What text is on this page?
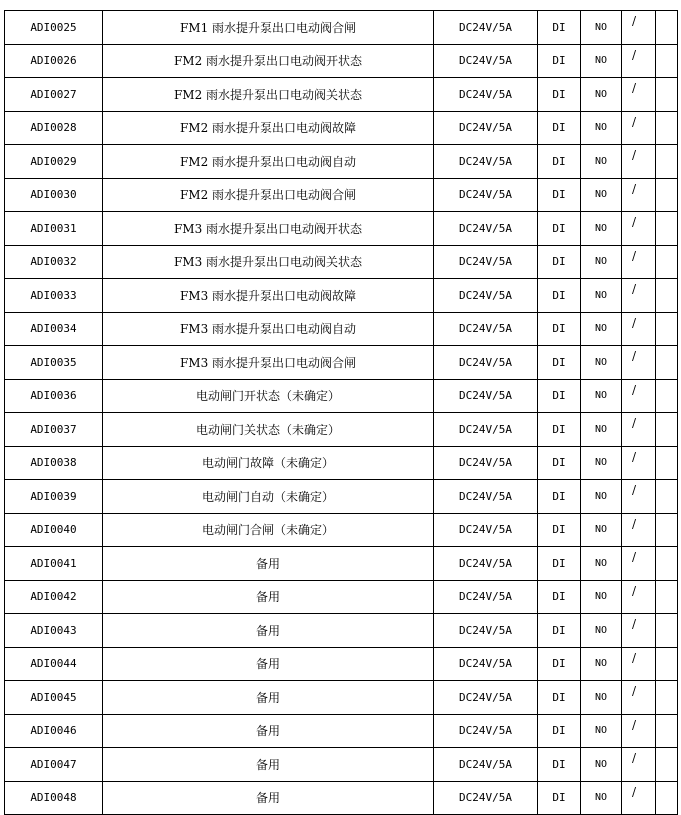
ADI0025	FM1 雨水提升泵出口电动阀合闸	DC24V/5A	DI	NO	/	
ADI0026	FM2 雨水提升泵出口电动阀开状态	DC24V/5A	DI	NO	/	
ADI0027	FM2 雨水提升泵出口电动阀关状态	DC24V/5A	DI	NO	/	
ADI0028	FM2 雨水提升泵出口电动阀故障	DC24V/5A	DI	NO	/	
ADI0029	FM2 雨水提升泵出口电动阀自动	DC24V/5A	DI	NO	/	
ADI0030	FM2 雨水提升泵出口电动阀合闸	DC24V/5A	DI	NO	/	
ADI0031	FM3 雨水提升泵出口电动阀开状态	DC24V/5A	DI	NO	/	
ADI0032	FM3 雨水提升泵出口电动阀关状态	DC24V/5A	DI	NO	/	
ADI0033	FM3 雨水提升泵出口电动阀故障	DC24V/5A	DI	NO	/	
ADI0034	FM3 雨水提升泵出口电动阀自动	DC24V/5A	DI	NO	/	
ADI0035	FM3 雨水提升泵出口电动阀合闸	DC24V/5A	DI	NO	/	
ADI0036	电动闸门开状态（未确定）	DC24V/5A	DI	NO	/	
ADI0037	电动闸门关状态（未确定）	DC24V/5A	DI	NO	/	
ADI0038	电动闸门故障（未确定）	DC24V/5A	DI	NO	/	
ADI0039	电动闸门自动（未确定）	DC24V/5A	DI	NO	/	
ADI0040	电动闸门合闸（未确定）	DC24V/5A	DI	NO	/	
ADI0041	备用	DC24V/5A	DI	NO	/	
ADI0042	备用	DC24V/5A	DI	NO	/	
ADI0043	备用	DC24V/5A	DI	NO	/	
ADI0044	备用	DC24V/5A	DI	NO	/	
ADI0045	备用	DC24V/5A	DI	NO	/	
ADI0046	备用	DC24V/5A	DI	NO	/	
ADI0047	备用	DC24V/5A	DI	NO	/	
ADI0048	备用	DC24V/5A	DI	NO	/	
